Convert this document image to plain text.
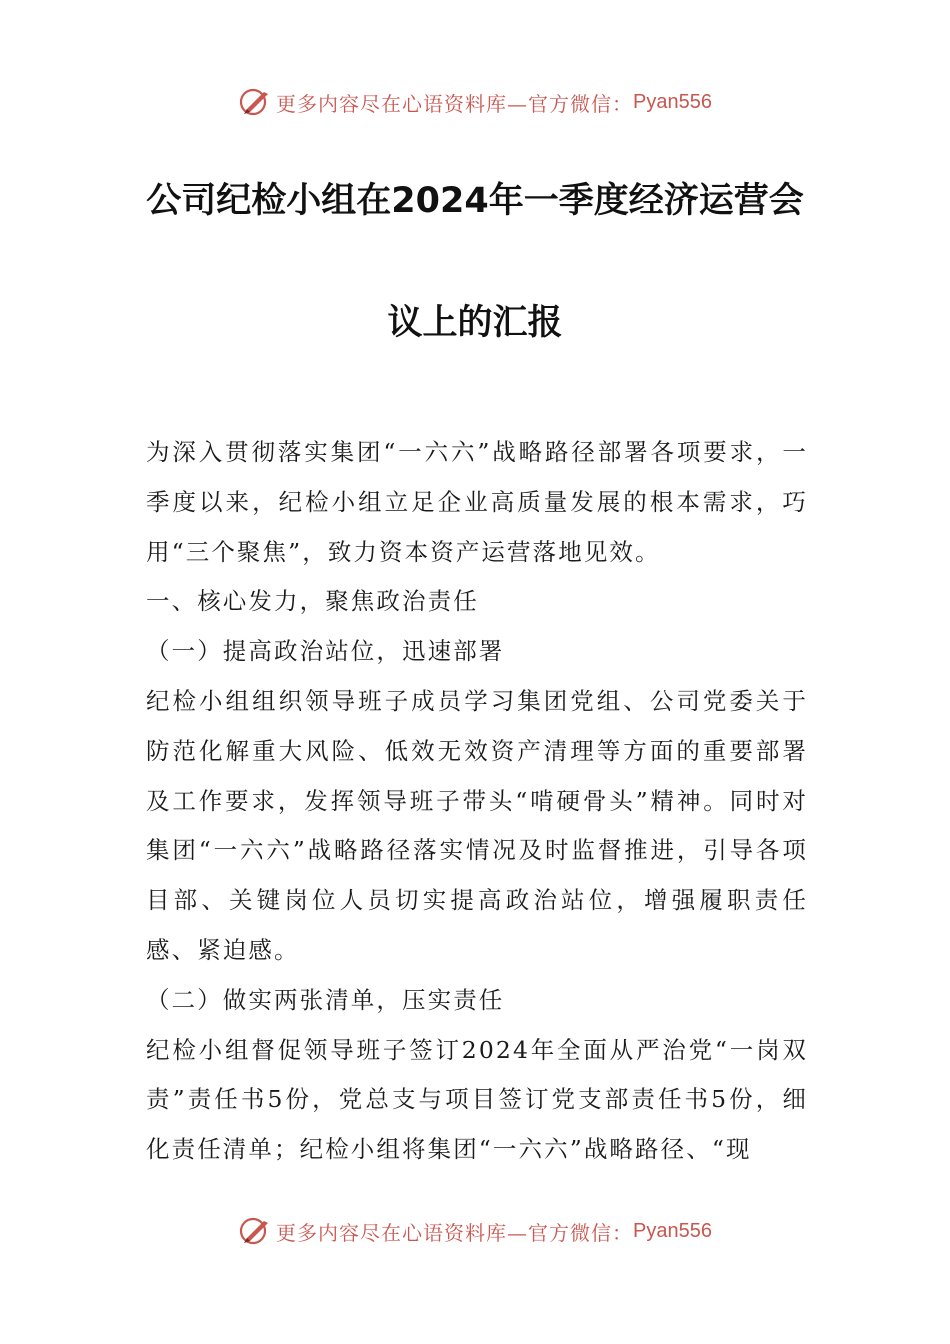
更多内容尽在心语资料库—官方微信： Pyan556
公司纪检小组在2024年一季度经济运营会
议上的汇报

为深入贯彻落实集团“一六六”战略路径部署各项要求，一季度以来，纪检小组立足企业高质量发展的根本需求，巧用“三个聚焦”，致力资本资产运营落地见效。

一、核心发力，聚焦政治责任

（一）提高政治站位，迅速部署

纪检小组组织领导班子成员学习集团党组、公司党委关于防范化解重大风险、低效无效资产清理等方面的重要部署及工作要求，发挥领导班子带头“啃硬骨头”精神。同时对集团“一六六”战略路径落实情况及时监督推进，引导各项目部、关键岗位人员切实提高政治站位，增强履职责任感、紧迫感。

（二）做实两张清单，压实责任

纪检小组督促领导班子签订2024年全面从严治党“一岗双责”责任书5份，党总支与项目签订党支部责任书5份，细化责任清单；纪检小组将集团“一六六”战略路径、“现

更多内容尽在心语资料库—官方微信： Pyan556
